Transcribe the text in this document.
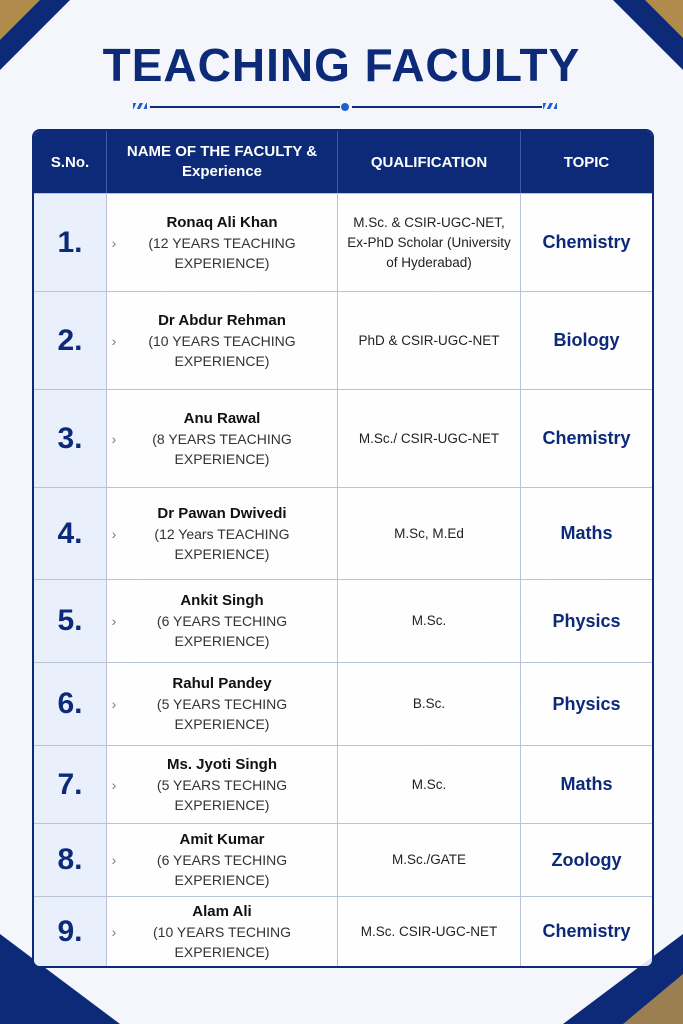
TEACHING FACULTY
S.No.
NAME OF THE FACULTY &
Experience
QUALIFICATION	TOPIC
1.	›
Ronaq Ali Khan
(12 YEARS TEACHING EXPERIENCE)
M.Sc. & CSIR-UGC-NET, Ex-PhD Scholar (University of Hyderabad)
Chemistry
2.	›
Dr Abdur Rehman
(10 YEARS TEACHING EXPERIENCE)
PhD & CSIR-UGC-NET	Biology
3.	›
Anu Rawal
(8 YEARS TEACHING EXPERIENCE)
M.Sc./ CSIR-UGC-NET	Chemistry
4.	›
Dr Pawan Dwivedi
(12 Years TEACHING EXPERIENCE)
M.Sc, M.Ed	Maths
5.	›
Ankit Singh
(6 YEARS TECHING EXPERIENCE)
M.Sc.	Physics
6.	›
Rahul Pandey
(5 YEARS TECHING EXPERIENCE)
B.Sc.	Physics
7.	›
Ms. Jyoti Singh
(5 YEARS TECHING EXPERIENCE)
M.Sc.	Maths
8.	›
Amit Kumar
(6 YEARS TECHING EXPERIENCE)
M.Sc./GATE	Zoology
9.	›
Alam Ali
(10 YEARS TECHING EXPERIENCE)
M.Sc. CSIR-UGC-NET	Chemistry
